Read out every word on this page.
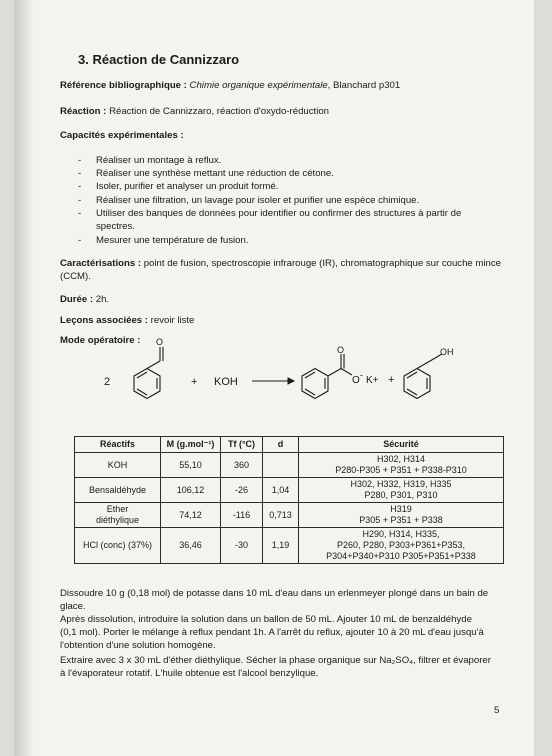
3. Réaction de Cannizzaro
Référence bibliographique : Chimie organique expérimentale, Blanchard p301
Réaction : Réaction de Cannizzaro, réaction d'oxydo-réduction
Capacités expérimentales :
- Réaliser un montage à reflux.
- Réaliser une synthèse mettant une réduction de cétone.
- Isoler, purifier et analyser un produit formé.
- Réaliser une filtration, un lavage pour isoler et purifier une espèce chimique.
- Utiliser des banques de données pour identifier ou confirmer des structures à partir de
spectres.
- Mesurer une température de fusion.
Caractérisations : point de fusion, spectroscopie infrarouge (IR), chromatographique sur couche mince
(CCM).
Durée : 2h.
Leçons associées : revoir liste
Mode opératoire :
2
O
+ KOH
O
O - K+ +
OH
Réactifs	M (g.mol⁻¹)	Tf (°C)	d	Sécurité
KOH	55,10	360		H302, H314
P280-P305 + P351 + P338-P310

Bensaldéhyde	106,12	-26	1,04	H302, H332, H319, H335
P280, P301, P310

Ether diéthylique	74,12	-116	0,713	H319
P305 + P351 + P338

HCl (conc) (37%)	36,46	-30	1,19	H290, H314, H335,
P260, P280, P303+P361+P353,
P304+P340+P310 P305+P351+P338
Dissoudre 10 g (0,18 mol) de potasse dans 10 mL d'eau dans un erlenmeyer plongé dans un bain de
glace.
Après dissolution, introduire la solution dans un ballon de 50 mL. Ajouter 10 mL de benzaldéhyde
(0,1 mol). Porter le mélange à reflux pendant 1h. A l'arrêt du reflux, ajouter 10 à 20 mL d'eau jusqu'à
l'obtention d'une solution homogène.
Extraire avec 3 x 30 mL d'éther diéthylique. Sécher la phase organique sur Na₂SO₄, filtrer et évaporer
à l'évaporateur rotatif. L'huile obtenue est l'alcool benzylique.
5
